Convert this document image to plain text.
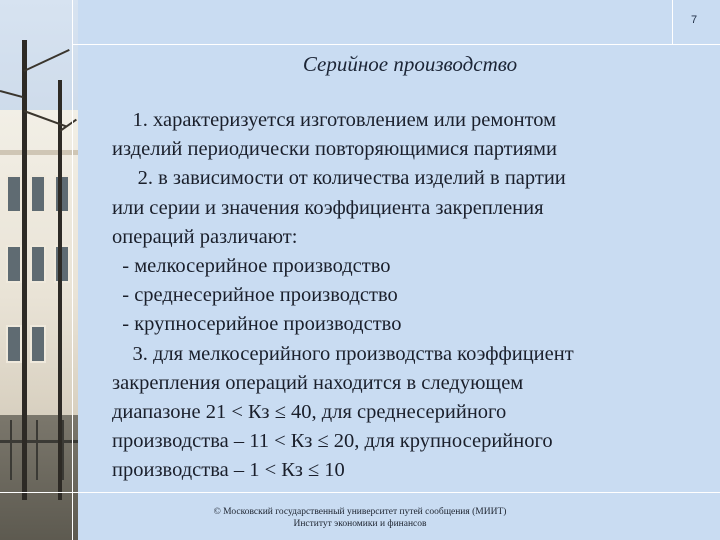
7
Серийное производство
1. характеризуется изготовлением или ремонтом
изделий периодически повторяющимися партиями
2. в зависимости от количества изделий в партии
или серии и значения коэффициента закрепления
операций различают:
- мелкосерийное производство
- среднесерийное производство
- крупносерийное производство
3. для мелкосерийного производства коэффициент
закрепления операций находится в следующем
диапазоне 21 < Кз ≤ 40, для среднесерийного
производства – 11 < Кз ≤ 20, для крупносерийного
производства – 1 < Кз ≤ 10
© Московский государственный университет путей сообщения (МИИТ)
Институт экономики и финансов
